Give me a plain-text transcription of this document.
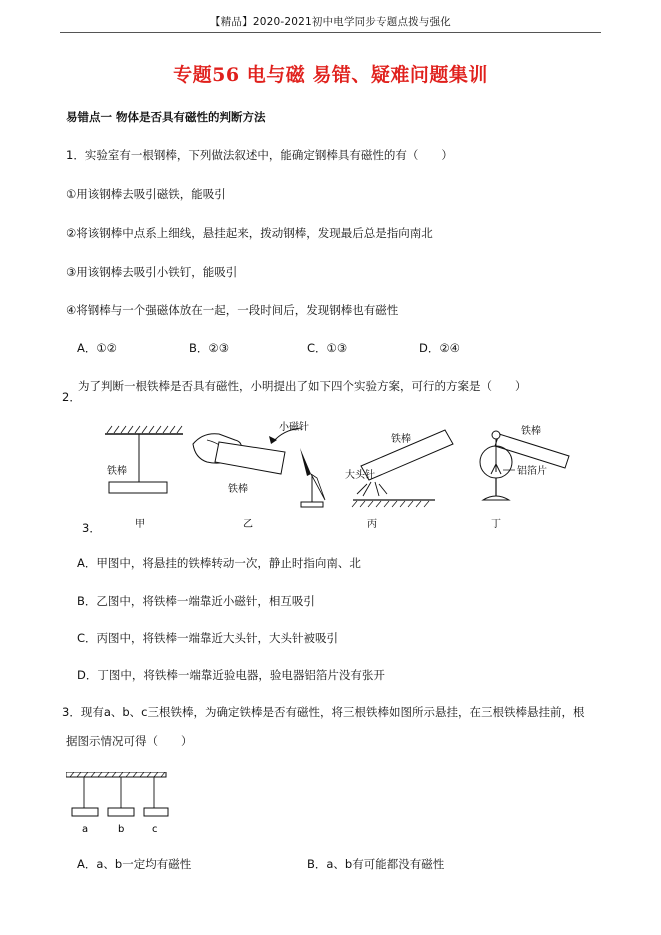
【精品】2020-2021初中电学同步专题点拨与强化
专题56 电与磁 易错、疑难问题集训
易错点一 物体是否具有磁性的判断方法
1．实验室有一根钢棒，下列做法叙述中，能确定钢棒具有磁性的有（　　）
①用该钢棒去吸引磁铁，能吸引
②将该钢棒中点系上细线，悬挂起来，拨动钢棒，发现最后总是指向南北
③用该钢棒去吸引小铁钉，能吸引
④将钢棒与一个强磁体放在一起，一段时间后，发现钢棒也有磁性
A．①②	B．②③	C．①③	D．②④
2．
为了判断一根铁棒是否具有磁性，小明提出了如下四个实验方案，可行的方案是（　　）
铁棒
甲
铁棒
小磁针
乙
铁棒
大头针
丙
铁棒
铝箔片
丁
3．
A．甲图中，将悬挂的铁棒转动一次，静止时指向南、北
B．乙图中，将铁棒一端靠近小磁针，相互吸引
C．丙图中，将铁棒一端靠近大头针，大头针被吸引
D．丁图中，将铁棒一端靠近验电器，验电器铝箔片没有张开
3．现有a、b、c三根铁棒，为确定铁棒是否有磁性，将三根铁棒如图所示悬挂，在三根铁棒悬挂前，根
据图示情况可得（　　）
a	b	c
A．a、b一定均有磁性	B．a、b有可能都没有磁性
